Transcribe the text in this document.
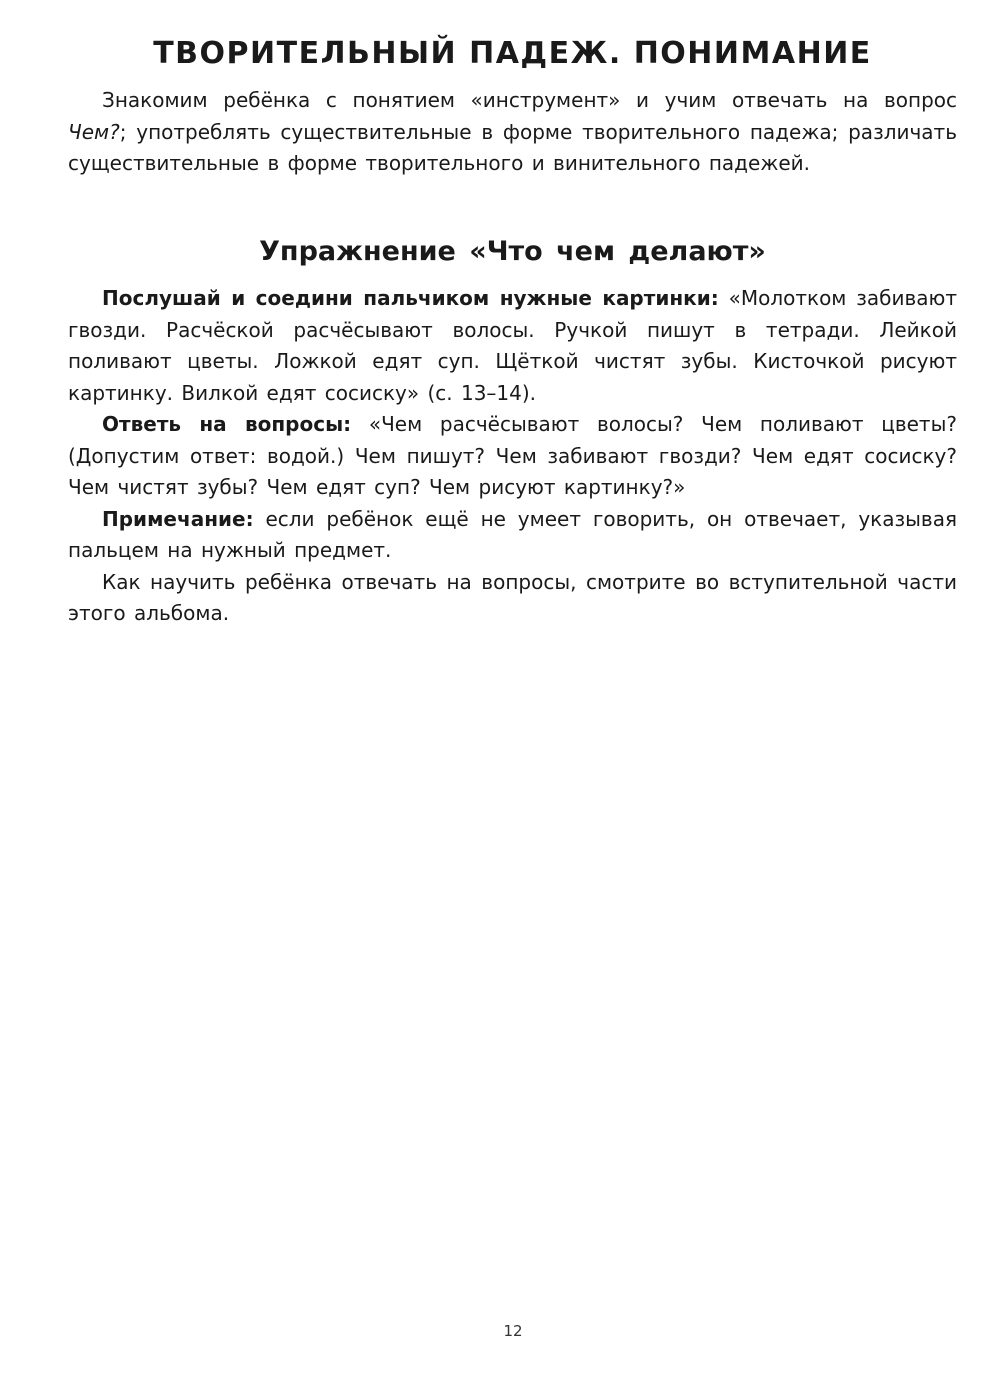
ТВОРИТЕЛЬНЫЙ ПАДЕЖ. ПОНИМАНИЕ

Знакомим ребёнка с понятием «инструмент» и учим отвечать на вопрос Чем?; употреблять существительные в форме творительного падежа; различать существительные в форме творительного и винительного падежей.

Упражнение «Что чем делают»

Послушай и соедини пальчиком нужные картинки: «Молотком забивают гвозди. Расчёской расчёсывают волосы. Ручкой пишут в тетради. Лейкой поливают цветы. Ложкой едят суп. Щёткой чистят зубы. Кисточкой рисуют картинку. Вилкой едят сосиску» (с. 13–14).

Ответь на вопросы: «Чем расчёсывают волосы? Чем поливают цветы? (Допустим ответ: водой.) Чем пишут? Чем забивают гвозди? Чем едят сосиску? Чем чистят зубы? Чем едят суп? Чем рисуют картинку?»

Примечание: если ребёнок ещё не умеет говорить, он отвечает, указывая пальцем на нужный предмет.

Как научить ребёнка отвечать на вопросы, смотрите во вступительной части этого альбома.

12
